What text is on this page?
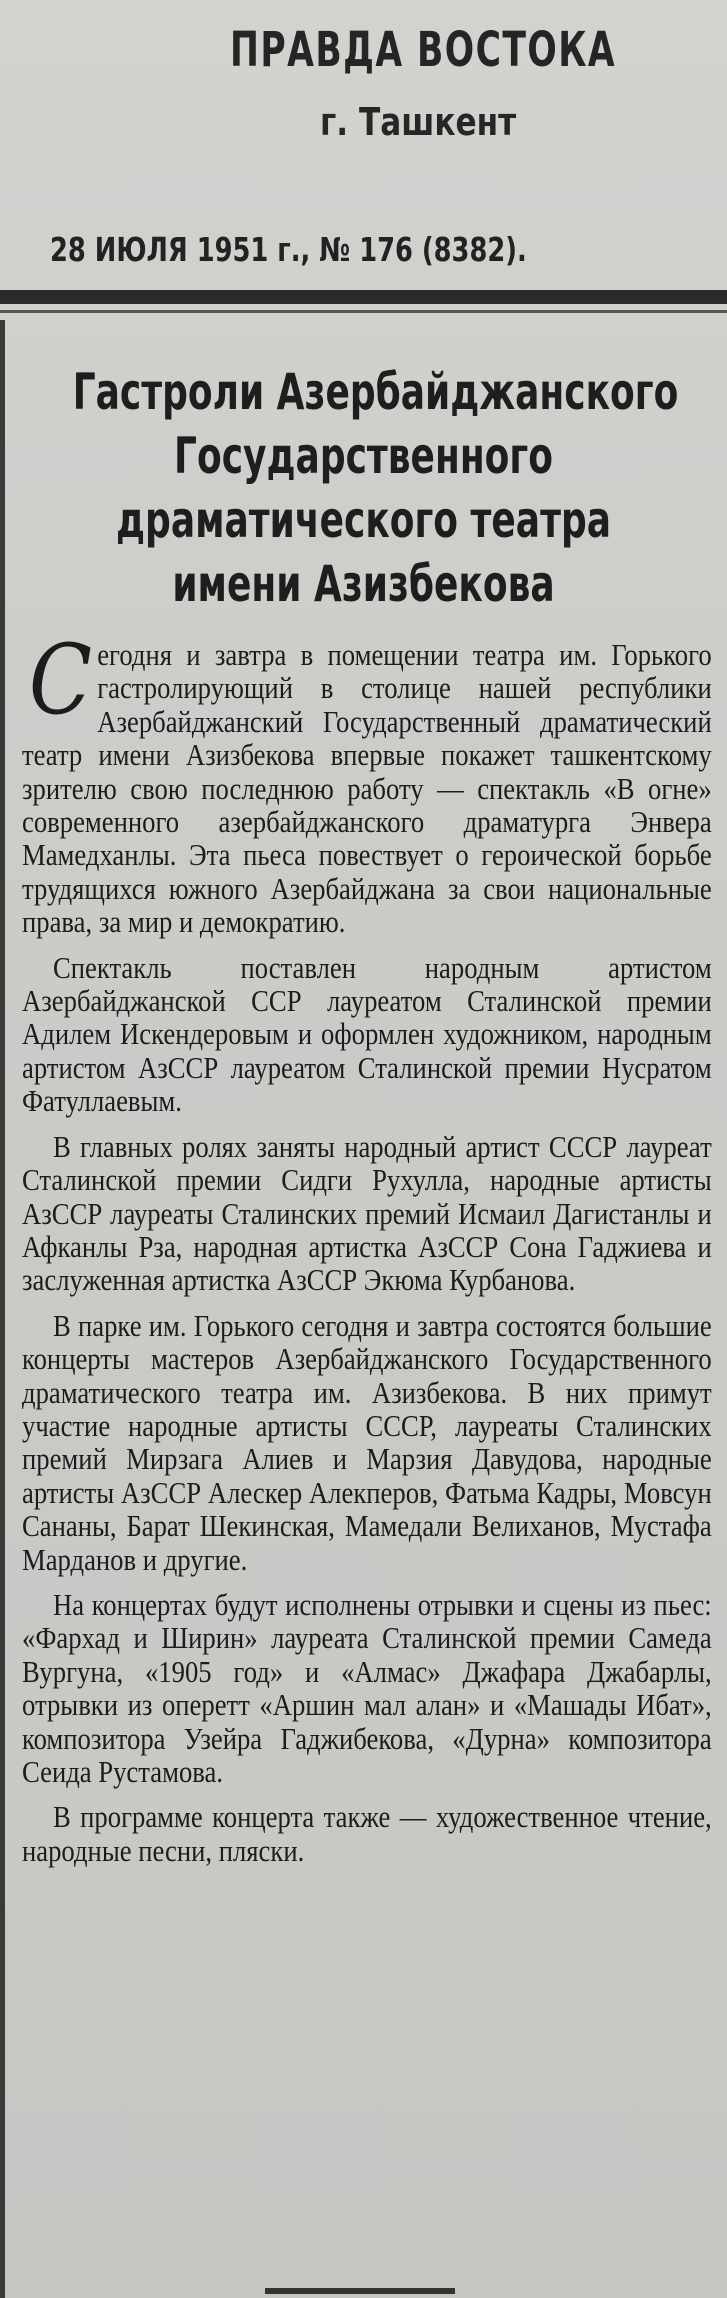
ПРАВДА ВОСТОКА
г. Ташкент
28 ИЮЛЯ 1951 г., № 176 (8382).
Гастроли Азербайджанского
Государственного
драматического театра
имени Азизбекова

Сегодня и завтра в помещении театра им. Горького гастролирующий в столице нашей республики Азербайджанский Государственный драматический театр имени Азизбекова впервые покажет ташкентскому зрителю свою последнюю работу — спектакль «В огне» современного азербайджанского драматурга Энвера Мамедханлы. Эта пьеса повествует о героической борьбе трудящихся южного Азербайджана за свои национальные права, за мир и демократию.

Спектакль поставлен народным артистом Азербайджанской ССР лауреатом Сталинской премии Адилем Искендеровым и оформлен художником, народным артистом АзССР лауреатом Сталинской премии Нусратом Фатуллаевым.

В главных ролях заняты народный артист СССР лауреат Сталинской премии Сидги Рухулла, народные артисты АзССР лауреаты Сталинских премий Исмаил Дагистанлы и Афканлы Рза, народная артистка АзССР Сона Гаджиева и заслуженная артистка АзССР Экюма Курбанова.

В парке им. Горького сегодня и завтра состоятся большие концерты мастеров Азербайджанского Государственного драматического театра им. Азизбекова. В них примут участие народные артисты СССР, лауреаты Сталинских премий Мирзага Алиев и Марзия Давудова, народные артисты АзССР Алескер Алекперов, Фатьма Кадры, Мовсун Сананы, Барат Шекинская, Мамедали Велиханов, Мустафа Марданов и другие.

На концертах будут исполнены отрывки и сцены из пьес: «Фархад и Ширин» лауреата Сталинской премии Самеда Вургуна, «1905 год» и «Алмас» Джафара Джабарлы, отрывки из оперетт «Аршин мал алан» и «Машады Ибат», композитора Узейра Гаджибекова, «Дурна» композитора Сеида Рустамова.

В программе концерта также — художественное чтение, народные песни, пляски.
